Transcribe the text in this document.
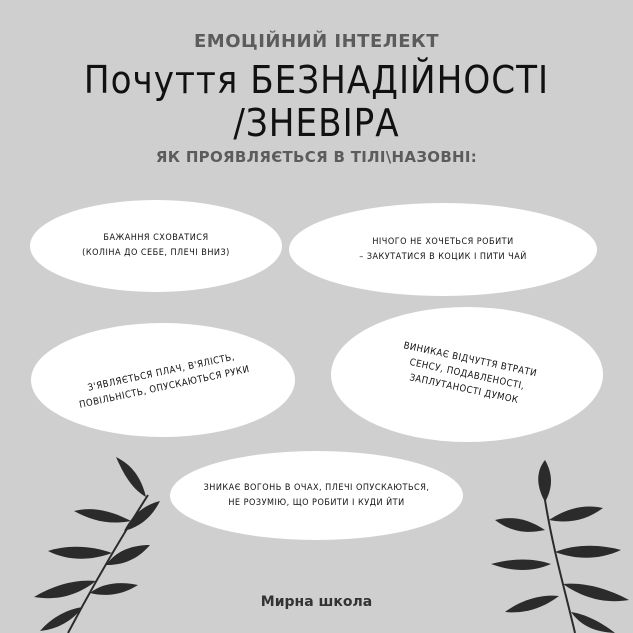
ЕМОЦІЙНИЙ ІНТЕЛЕКТ
Почуття БЕЗНАДІЙНОСТІ
/ЗНЕВІРА
ЯК ПРОЯВЛЯЄТЬСЯ В ТІЛІ\НАЗОВНІ:
БАЖАННЯ СХОВАТИСЯ
(КОЛІНА ДО СЕБЕ, ПЛЕЧІ ВНИЗ)
НІЧОГО НЕ ХОЧЕТЬСЯ РОБИТИ
– ЗАКУТАТИСЯ В КОЦИК І ПИТИ ЧАЙ
З'ЯВЛЯЄТЬСЯ ПЛАЧ, В'ЯЛІСТЬ,
ПОВІЛЬНІСТЬ, ОПУСКАЮТЬСЯ РУКИ
ВИНИКАЄ ВІДЧУТТЯ ВТРАТИ
СЕНСУ, ПОДАВЛЕНОСТІ,
ЗАПЛУТАНОСТІ ДУМОК
ЗНИКАЄ ВОГОНЬ В ОЧАХ, ПЛЕЧІ ОПУСКАЮТЬСЯ,
НЕ РОЗУМІЮ, ЩО РОБИТИ І КУДИ ЙТИ
Мирна школа
